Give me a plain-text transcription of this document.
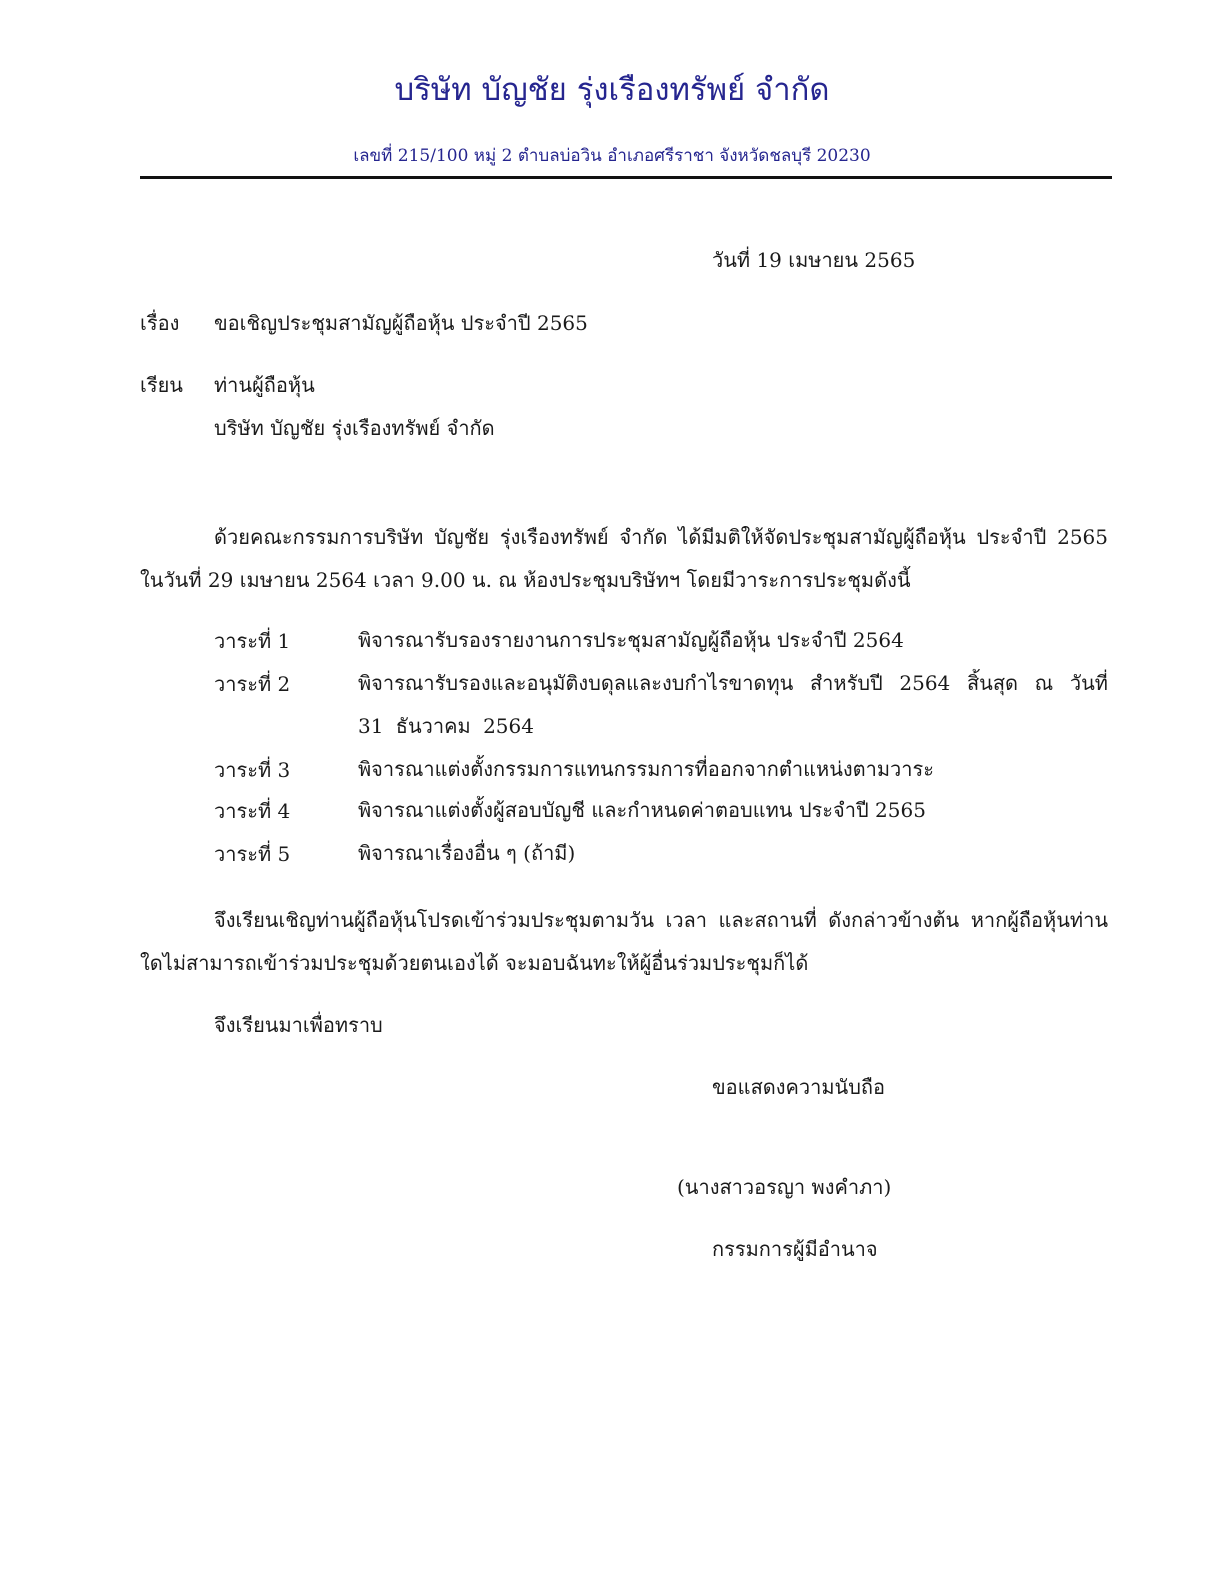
บริษัท บัญชัย รุ่งเรืองทรัพย์ จำกัด
เลขที่ 215/100 หมู่ 2 ตำบลบ่อวิน อำเภอศรีราชา จังหวัดชลบุรี 20230
วันที่ 19 เมษายน 2565
เรื่อง ขอเชิญประชุมสามัญผู้ถือหุ้น ประจำปี 2565
เรียน ท่านผู้ถือหุ้น
บริษัท บัญชัย รุ่งเรืองทรัพย์ จำกัด
ด้วยคณะกรรมการบริษัท บัญชัย รุ่งเรืองทรัพย์ จำกัด ได้มีมติให้จัดประชุมสามัญผู้ถือหุ้น ประจำปี 2565 ในวันที่ 29 เมษายน 2564 เวลา 9.00 น. ณ ห้องประชุมบริษัทฯ โดยมีวาระการประชุมดังนี้
วาระที่ 1	พิจารณารับรองรายงานการประชุมสามัญผู้ถือหุ้น ประจำปี 2564
วาระที่ 2	พิจารณารับรองและอนุมัติงบดุลและงบกำไรขาดทุน สำหรับปี 2564 สิ้นสุด ณ วันที่ 31 ธันวาคม 2564
วาระที่ 3	พิจารณาแต่งตั้งกรรมการแทนกรรมการที่ออกจากตำแหน่งตามวาระ
วาระที่ 4	พิจารณาแต่งตั้งผู้สอบบัญชี และกำหนดค่าตอบแทน ประจำปี 2565
วาระที่ 5	พิจารณาเรื่องอื่น ๆ (ถ้ามี)
จึงเรียนเชิญท่านผู้ถือหุ้นโปรดเข้าร่วมประชุมตามวัน เวลา และสถานที่ ดังกล่าวข้างต้น หากผู้ถือหุ้นท่านใดไม่สามารถเข้าร่วมประชุมด้วยตนเองได้ จะมอบฉันทะให้ผู้อื่นร่วมประชุมก็ได้
จึงเรียนมาเพื่อทราบ
ขอแสดงความนับถือ
(นางสาวอรญา พงคำภา)
กรรมการผู้มีอำนาจ
